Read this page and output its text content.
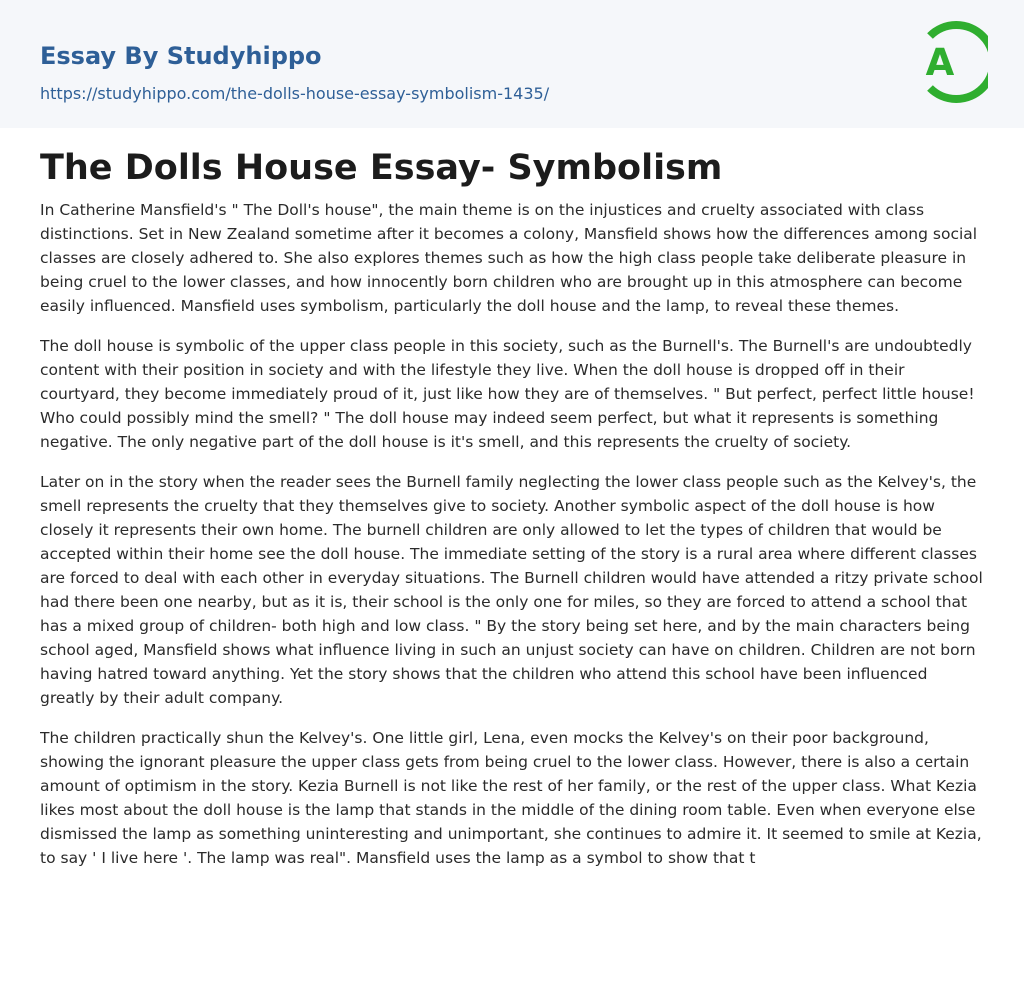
Essay By Studyhippo
https://studyhippo.com/the-dolls-house-essay-symbolism-1435/
A
The Dolls House Essay- Symbolism

In Catherine Mansfield's " The Doll's house", the main theme is on the injustices and cruelty associated with class distinctions. Set in New Zealand sometime after it becomes a colony, Mansfield shows how the differences among social classes are closely adhered to. She also explores themes such as how the high class people take deliberate pleasure in being cruel to the lower classes, and how innocently born children who are brought up in this atmosphere can become easily influenced. Mansfield uses symbolism, particularly the doll house and the lamp, to reveal these themes.

The doll house is symbolic of the upper class people in this society, such as the Burnell's. The Burnell's are undoubtedly content with their position in society and with the lifestyle they live. When the doll house is dropped off in their courtyard, they become immediately proud of it, just like how they are of themselves. " But perfect, perfect little house! Who could possibly mind the smell? " The doll house may indeed seem perfect, but what it represents is something negative. The only negative part of the doll house is it's smell, and this represents the cruelty of society.

Later on in the story when the reader sees the Burnell family neglecting the lower class people such as the Kelvey's, the smell represents the cruelty that they themselves give to society. Another symbolic aspect of the doll house is how closely it represents their own home. The burnell children are only allowed to let the types of children that would be accepted within their home see the doll house. The immediate setting of the story is a rural area where different classes are forced to deal with each other in everyday situations. The Burnell children would have attended a ritzy private school had there been one nearby, but as it is, their school is the only one for miles, so they are forced to attend a school that has a mixed group of children- both high and low class. " By the story being set here, and by the main characters being school aged, Mansfield shows what influence living in such an unjust society can have on children. Children are not born having hatred toward anything. Yet the story shows that the children who attend this school have been influenced greatly by their adult company.

The children practically shun the Kelvey's. One little girl, Lena, even mocks the Kelvey's on their poor background, showing the ignorant pleasure the upper class gets from being cruel to the lower class. However, there is also a certain amount of optimism in the story. Kezia Burnell is not like the rest of her family, or the rest of the upper class. What Kezia likes most about the doll house is the lamp that stands in the middle of the dining room table. Even when everyone else dismissed the lamp as something uninteresting and unimportant, she continues to admire it. It seemed to smile at Kezia, to say ' I live here '. The lamp was real". Mansfield uses the lamp as a symbol to show that t
